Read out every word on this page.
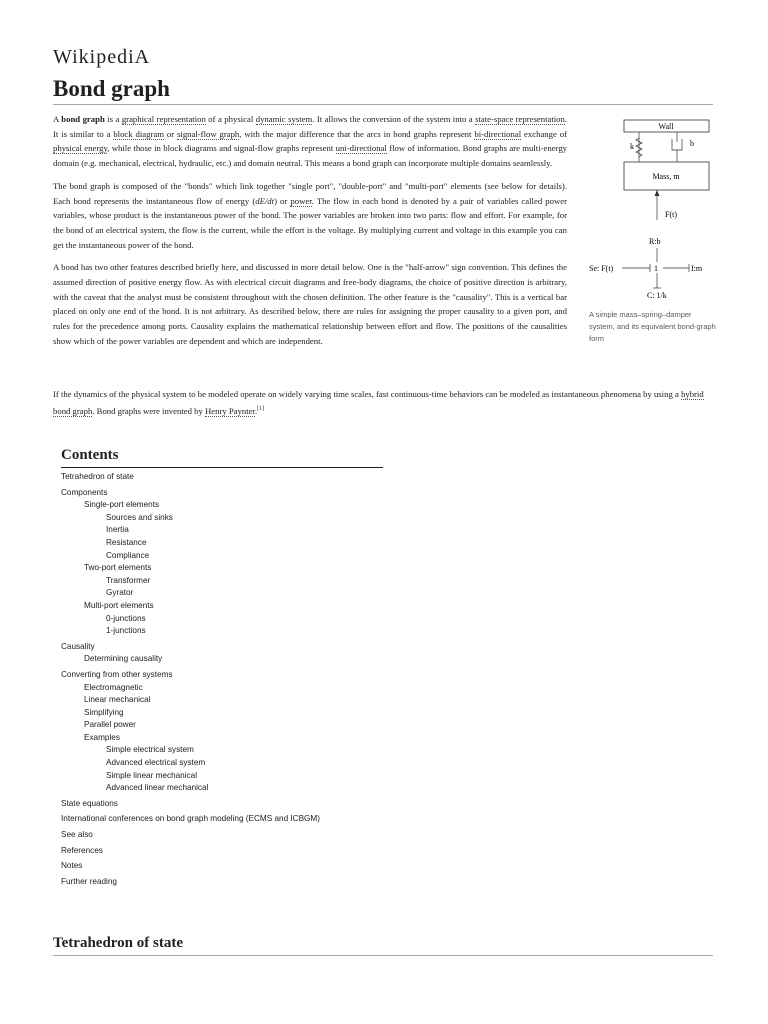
WikipediA
Bond graph

A bond graph is a graphical representation of a physical dynamic system. It allows the conversion of the system into a state-space representation. It is similar to a block diagram or signal-flow graph, with the major difference that the arcs in bond graphs represent bi-directional exchange of physical energy, while those in block diagrams and signal-flow graphs represent uni-directional flow of information. Bond graphs are multi-energy domain (e.g. mechanical, electrical, hydraulic, etc.) and domain neutral. This means a bond graph can incorporate multiple domains seamlessly.

The bond graph is composed of the "bonds" which link together "single port", "double-port" and "multi-port" elements (see below for details). Each bond represents the instantaneous flow of energy (dE/dt) or power. The flow in each bond is denoted by a pair of variables called power variables, whose product is the instantaneous power of the bond. The power variables are broken into two parts: flow and effort. For example, for the bond of an electrical system, the flow is the current, while the effort is the voltage. By multiplying current and voltage in this example you can get the instantaneous power of the bond.

A bond has two other features described briefly here, and discussed in more detail below. One is the "half-arrow" sign convention. This defines the assumed direction of positive energy flow. As with electrical circuit diagrams and free-body diagrams, the choice of positive direction is arbitrary, with the caveat that the analyst must be consistent throughout with the chosen definition. The other feature is the "causality". This is a vertical bar placed on only one end of the bond. It is not arbitrary. As described below, there are rules for assigning the proper causality to a given port, and rules for the precedence among ports. Causality explains the mathematical relationship between effort and flow. The positions of the causalities show which of the power variables are dependent and which are independent.

If the dynamics of the physical system to be modeled operate on widely varying time scales, fast continuous-time behaviors can be modeled as instantaneous phenomena by using a hybrid bond graph. Bond graphs were invented by Henry Paynter.[1]
Wall
k	b
Mass, m
F(t)
R:b
Se: F(t)	1	I:m
C: 1/k
A simple mass–spring–damper system, and its equivalent bond-graph form
Contents
Tetrahedron of state
Components
Single-port elements
Sources and sinks
Inertia
Resistance
Compliance
Two-port elements
Transformer
Gyrator
Multi-port elements
0-junctions
1-junctions
Causality
Determining causality
Converting from other systems
Electromagnetic
Linear mechanical
Simplifying
Parallel power
Examples
Simple electrical system
Advanced electrical system
Simple linear mechanical
Advanced linear mechanical
State equations
International conferences on bond graph modeling (ECMS and ICBGM)
See also
References
Notes
Further reading
Tetrahedron of state
